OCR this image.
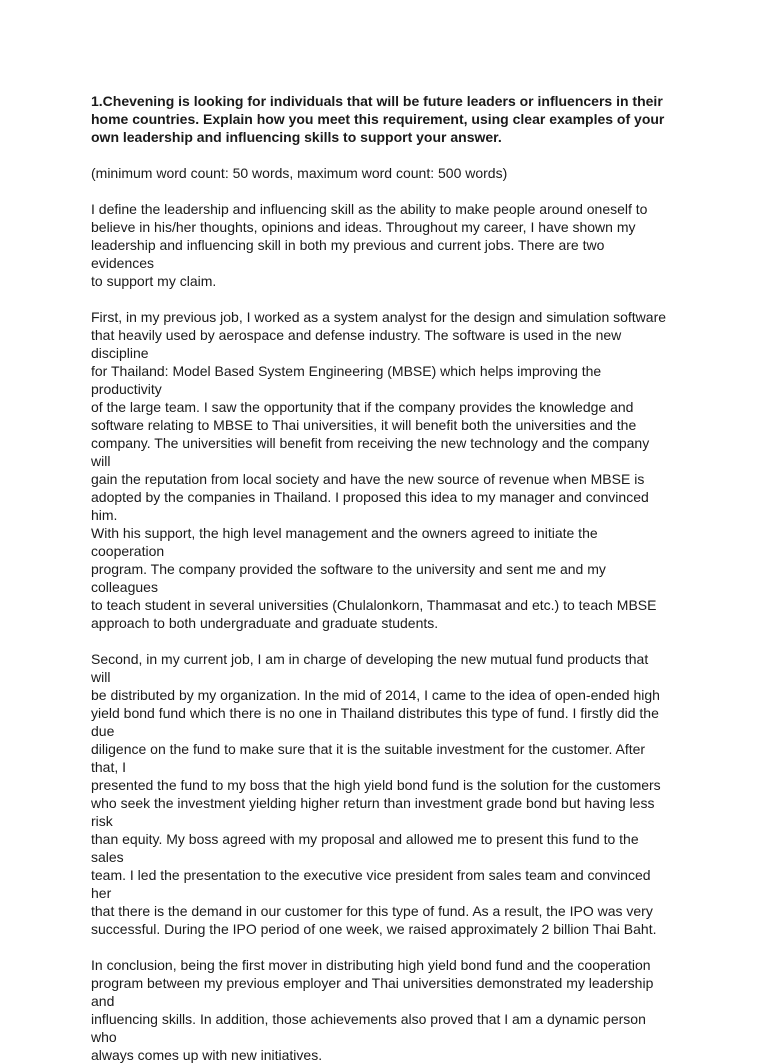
1.Chevening is looking for individuals that will be future leaders or influencers in their
home countries. Explain how you meet this requirement, using clear examples of your
own leadership and influencing skills to support your answer.

(minimum word count: 50 words, maximum word count: 500 words)

I define the leadership and influencing skill as the ability to make people around oneself to
believe in his/her thoughts, opinions and ideas. Throughout my career, I have shown my
leadership and influencing skill in both my previous and current jobs. There are two evidences
to support my claim.

First, in my previous job, I worked as a system analyst for the design and simulation software
that heavily used by aerospace and defense industry. The software is used in the new discipline
for Thailand: Model Based System Engineering (MBSE) which helps improving the productivity
of the large team. I saw the opportunity that if the company provides the knowledge and
software relating to MBSE to Thai universities, it will benefit both the universities and the
company. The universities will benefit from receiving the new technology and the company will
gain the reputation from local society and have the new source of revenue when MBSE is
adopted by the companies in Thailand. I proposed this idea to my manager and convinced him.
With his support, the high level management and the owners agreed to initiate the cooperation
program. The company provided the software to the university and sent me and my colleagues
to teach student in several universities (Chulalonkorn, Thammasat and etc.) to teach MBSE
approach to both undergraduate and graduate students.

Second, in my current job, I am in charge of developing the new mutual fund products that will
be distributed by my organization. In the mid of 2014, I came to the idea of open-ended high
yield bond fund which there is no one in Thailand distributes this type of fund. I firstly did the due
diligence on the fund to make sure that it is the suitable investment for the customer. After that, I
presented the fund to my boss that the high yield bond fund is the solution for the customers
who seek the investment yielding higher return than investment grade bond but having less risk
than equity. My boss agreed with my proposal and allowed me to present this fund to the sales
team. I led the presentation to the executive vice president from sales team and convinced her
that there is the demand in our customer for this type of fund. As a result, the IPO was very
successful. During the IPO period of one week, we raised approximately 2 billion Thai Baht.

In conclusion, being the first mover in distributing high yield bond fund and the cooperation
program between my previous employer and Thai universities demonstrated my leadership and
influencing skills. In addition, those achievements also proved that I am a dynamic person who
always comes up with new initiatives.
